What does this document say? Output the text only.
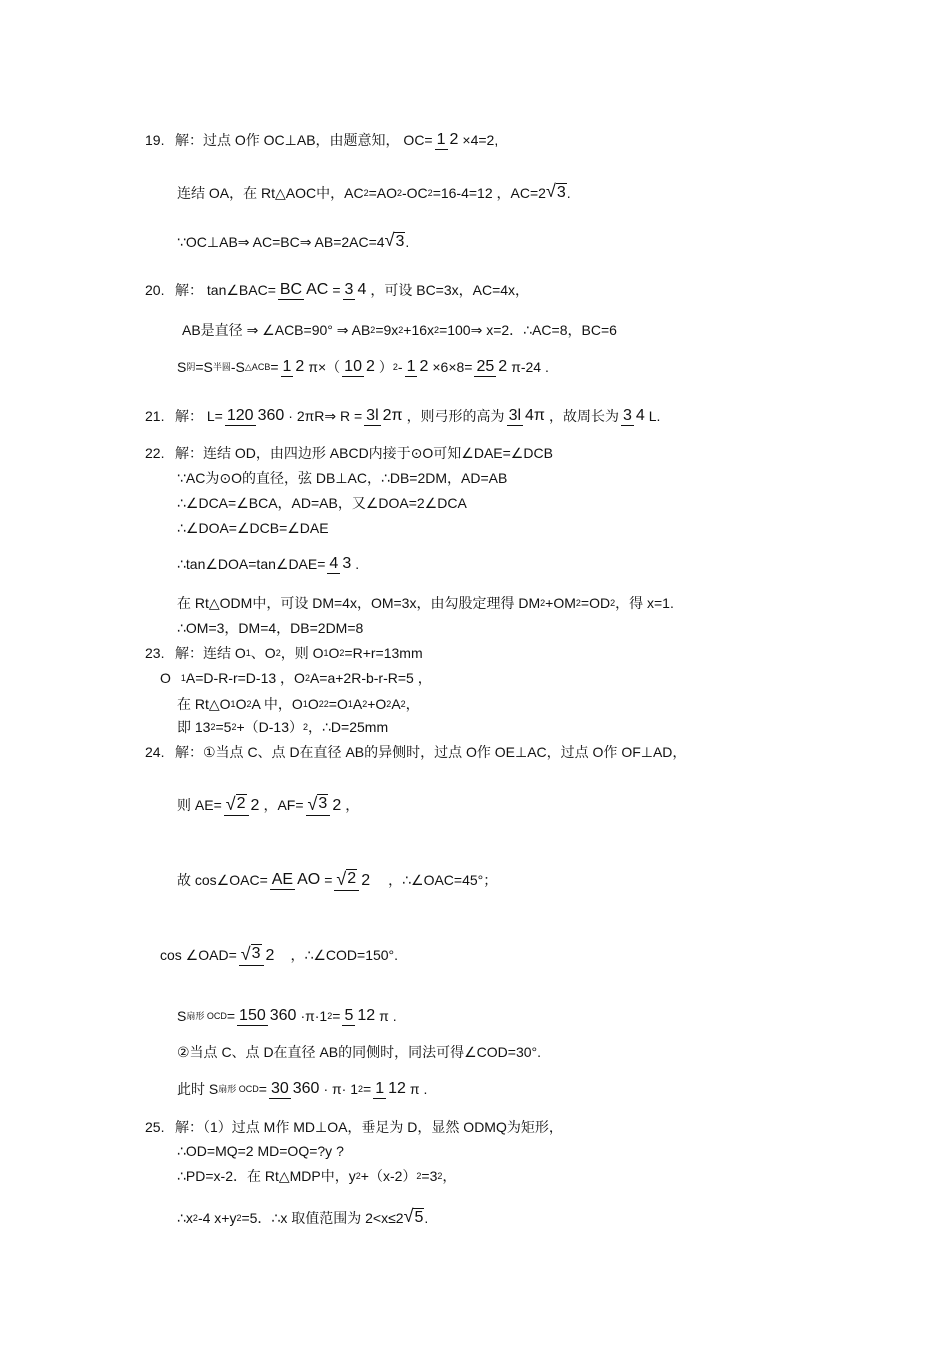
19. 解：过点 O作 OC⊥AB，由题意知， OC= 1 2 ×4=2,
连结 OA，在 Rt△AOC中，AC 2 =AO 2 -OC 2 =16-4=12 ，AC=2 √3 .
∵OC⊥AB⇒ AC=BC⇒ AB=2AC=4 √3 .
20. 解： tan∠BAC= BC AC = 3 4 ，可设 BC=3x，AC=4x，
AB是直径 ⇒ ∠ACB=90° ⇒ AB 2 =9x 2 +16x 2 =100⇒ x=2．∴AC=8，BC=6
S 阴 =S 半圆 -S △ACB = 1 2 π×（ 10 2 ） 2 - 1 2 ×6×8= 25 2 π-24 .
21. 解： L= 120 360 · 2πR⇒ R = 3l 2π ，则弓形的高为 3l 4π ，故周长为 3 4 L.
22. 解：连结 OD，由四边形 ABCD内接于⊙O可知∠DAE=∠DCB
∵AC为⊙O的直径，弦 DB⊥AC，∴DB=2DM，AD=AB
∴∠DCA=∠BCA，AD=AB，又∠DOA=2∠DCA
∴∠DOA=∠DCB=∠DAE
∴tan∠DOA=tan∠DAE= 4 3 .
在 Rt△ODM中，可设 DM=4x，OM=3x，由勾股定理得 DM 2 +OM 2 =OD 2 ，得 x=1.
∴OM=3，DM=4，DB=2DM=8
23. 解：连结 O 1 、O 2 ，则 O 1 O 2 =R+r=13mm
O 1 A=D-R-r=D-13 ，O 2 A=a+2R-b-r-R=5 ，
在 Rt△O 1 O 2 A 中，O 1 O 2 2 =O 1 A 2 +O 2 A 2 ，
即 13 2 =5 2 +（D-13） 2 ，∴D=25mm
24. 解：①当点 C、点 D在直径 AB的异侧时，过点 O作 OE⊥AC，过点 O作 OF⊥AD，
则 AE= √ 2 2 ，AF= √ 3 2 ，
故 cos∠OAC= AE AO = √ 2 2 ，∴∠OAC=45°；
cos ∠OAD= √ 3 2 ，∴∠COD=150°.
S 扇形 OCD = 150 360 ·π·1 2 = 5 12 π .
②当点 C、点 D在直径 AB的同侧时，同法可得∠COD=30°.
此时 S 扇形 OCD = 30 360 · π· 1 2 = 1 12 π .
25. 解：（1）过点 M作 MD⊥OA，垂足为 D，显然 ODMQ为矩形，
∴OD=MQ=2 MD=OQ=?y ?
∴PD=x-2．在 Rt△MDP中，y 2 +（x-2） 2 =3 2 ，
∴x 2 -4 x+y 2 =5．∴x 取值范围为 2<x≤2 √5 .
